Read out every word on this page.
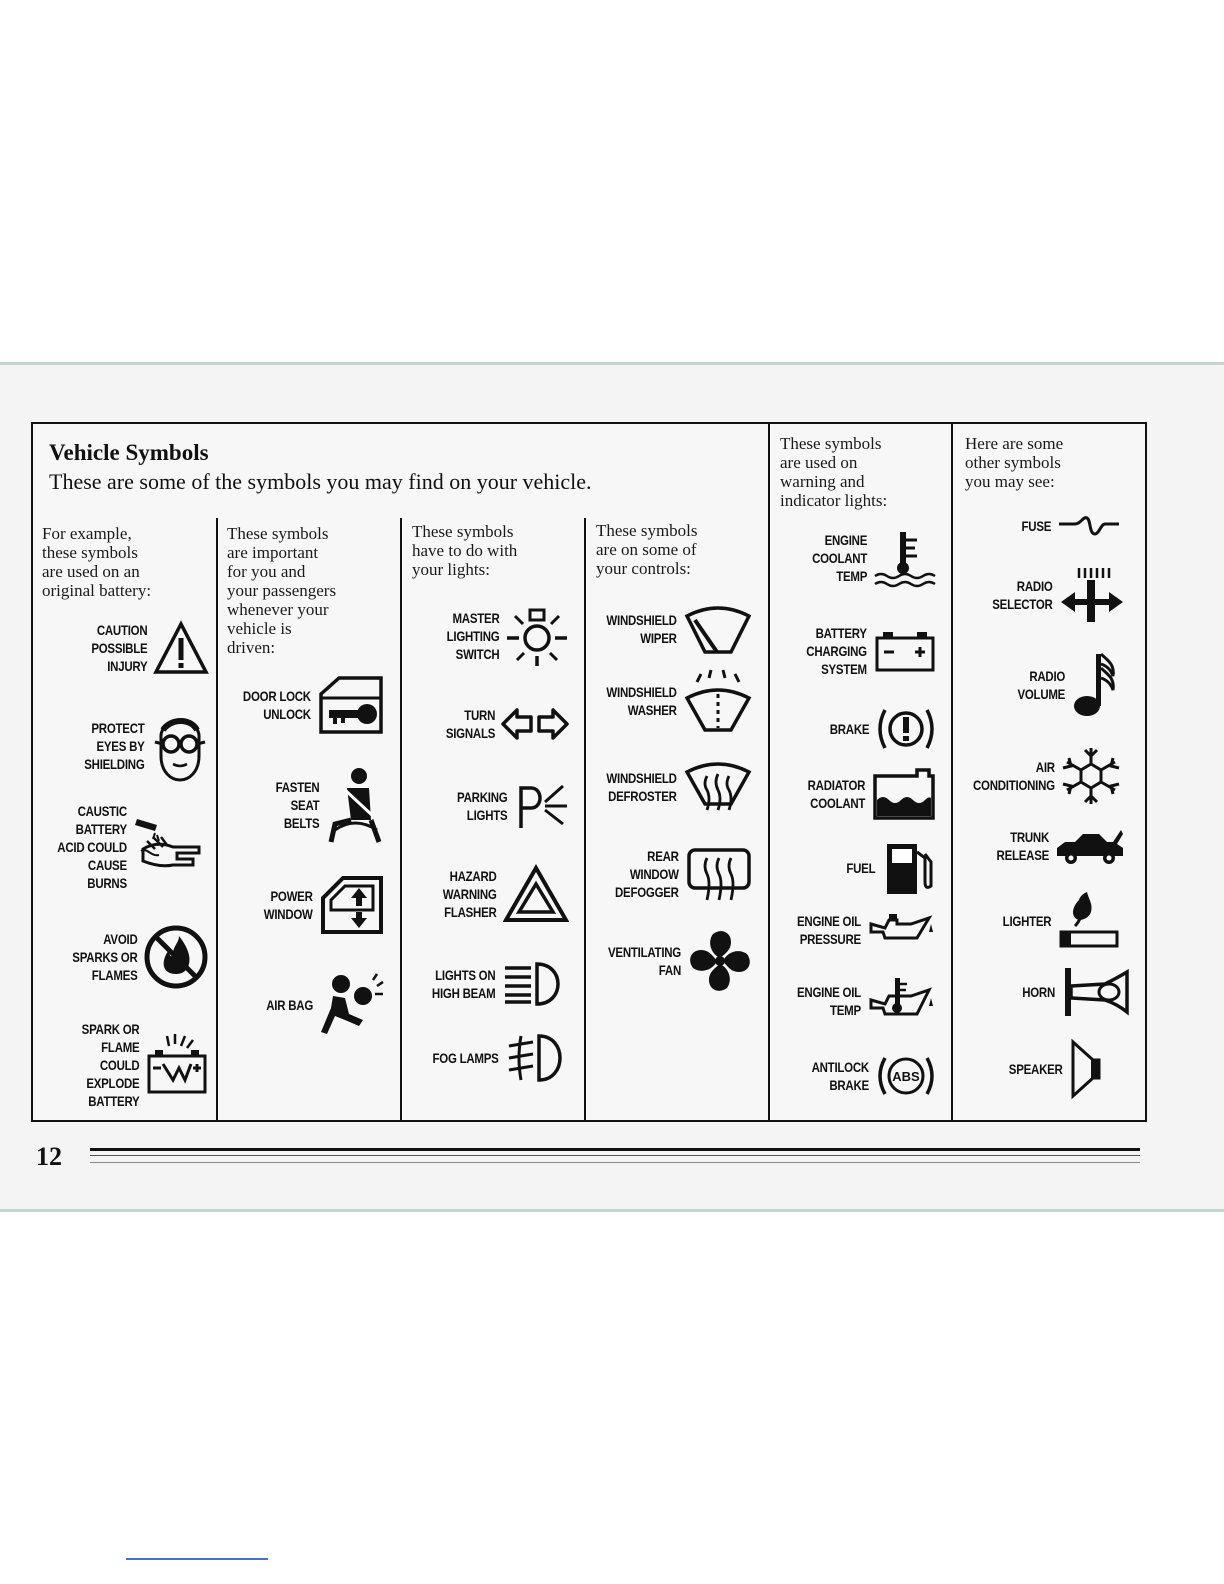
Vehicle Symbols
These are some of the symbols you may find on your vehicle.
For example,
these symbols
are used on an
original battery:
These symbols
are important
for you and
your passengers
whenever your
vehicle is
driven:
These symbols
have to do with
your lights:
These symbols
are on some of
your controls:
These symbols
are used on
warning and
indicator lights:
Here are some
other symbols
you may see:
CAUTION
POSSIBLE
INJURY
PROTECT
EYES BY
SHIELDING
CAUSTIC
BATTERY
ACID COULD
CAUSE
BURNS
AVOID
SPARKS OR
FLAMES
SPARK OR
FLAME
COULD
EXPLODE
BATTERY
DOOR LOCK
UNLOCK
FASTEN
SEAT
BELTS
POWER
WINDOW
AIR BAG
MASTER
LIGHTING
SWITCH
TURN
SIGNALS
PARKING
LIGHTS
HAZARD
WARNING
FLASHER
LIGHTS ON
HIGH BEAM
FOG LAMPS
WINDSHIELD
WIPER
WINDSHIELD
WASHER
WINDSHIELD
DEFROSTER
REAR
WINDOW
DEFOGGER
VENTILATING
FAN
ENGINE
COOLANT
TEMP
BATTERY
CHARGING
SYSTEM
BRAKE
RADIATOR
COOLANT
FUEL
ENGINE OIL
PRESSURE
ENGINE OIL
TEMP
ANTILOCK
BRAKE
ABS
FUSE
RADIO
SELECTOR
RADIO
VOLUME
AIR
CONDITIONING
TRUNK
RELEASE
LIGHTER
HORN
SPEAKER
12
